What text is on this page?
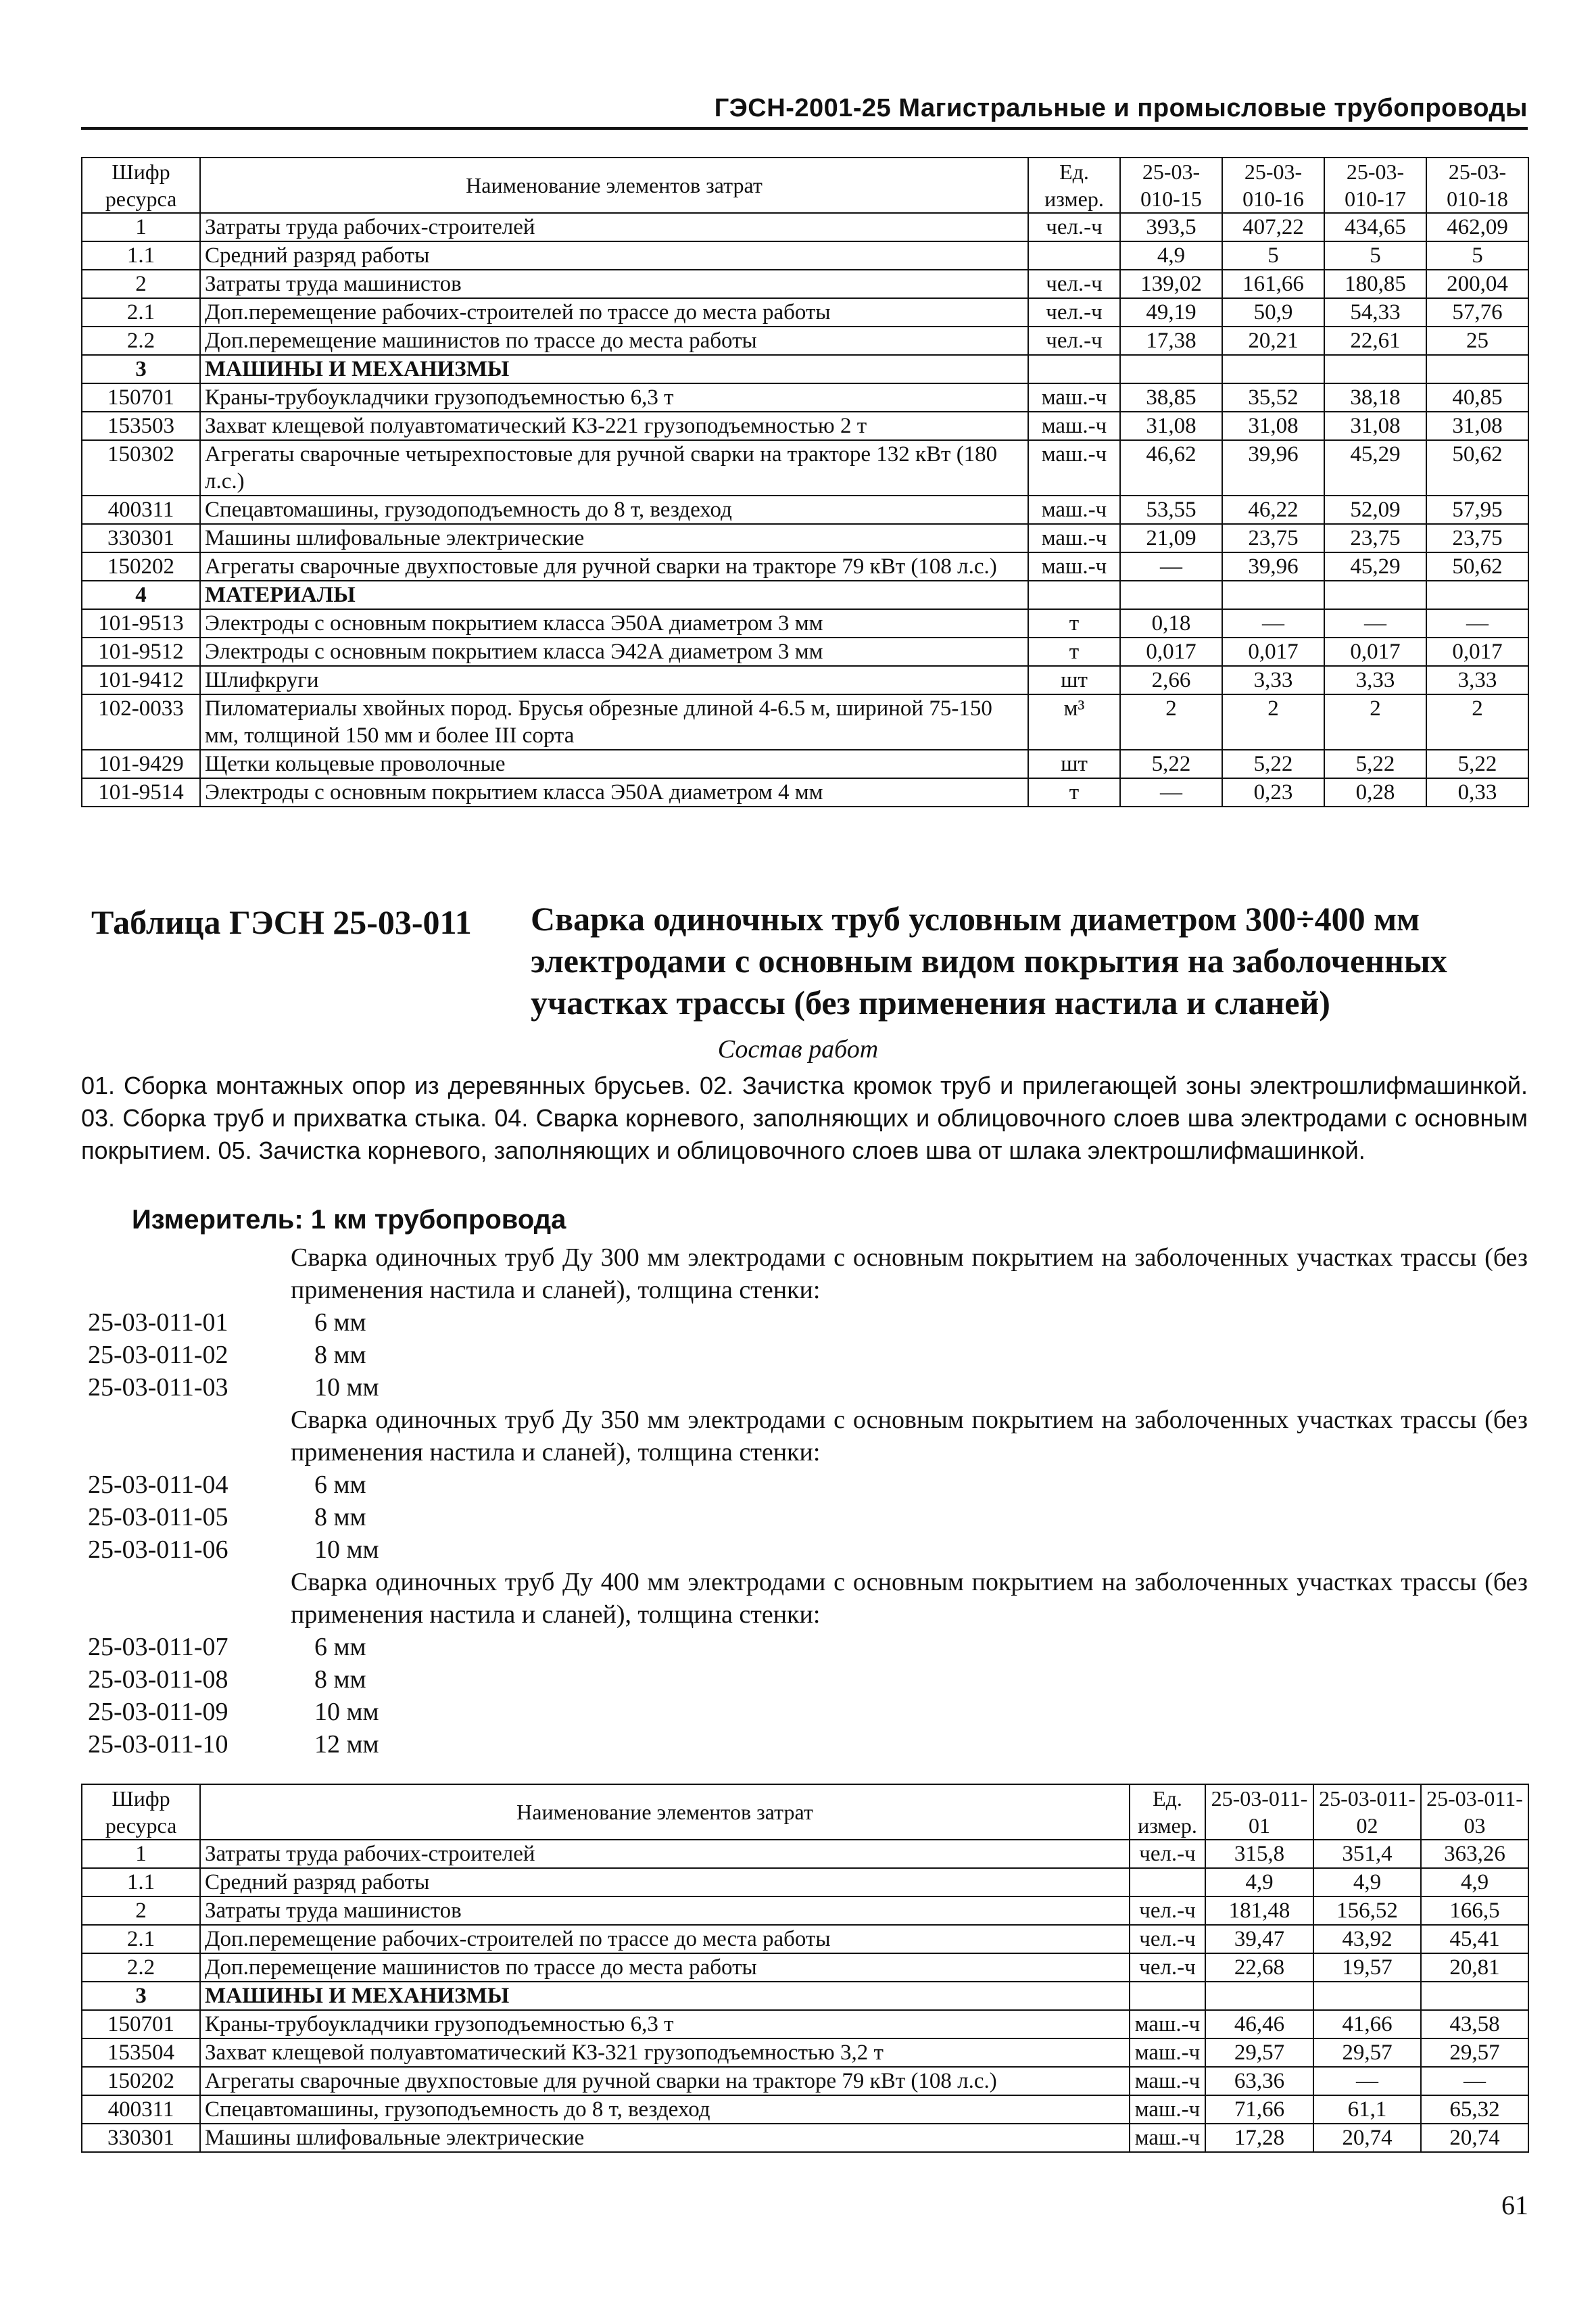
ГЭСН-2001-25 Магистральные и промысловые трубопроводы
Шифр ресурса	Наименование элементов затрат	Ед. измер.	25-03-010-15	25-03-010-16	25-03-010-17	25-03-010-18
1	Затраты труда рабочих-строителей	чел.-ч	393,5	407,22	434,65	462,09
1.1	Средний разряд работы		4,9	5	5	5
2	Затраты труда машинистов	чел.-ч	139,02	161,66	180,85	200,04
2.1	Доп.перемещение рабочих-строителей по трассе до места работы	чел.-ч	49,19	50,9	54,33	57,76
2.2	Доп.перемещение машинистов по трассе до места работы	чел.-ч	17,38	20,21	22,61	25
3	МАШИНЫ И МЕХАНИЗМЫ					
150701	Краны-трубоукладчики грузоподъемностью 6,3 т	маш.-ч	38,85	35,52	38,18	40,85
153503	Захват клещевой полуавтоматический КЗ-221 грузоподъемностью 2 т	маш.-ч	31,08	31,08	31,08	31,08
150302	Агрегаты сварочные четырехпостовые для ручной сварки на тракторе 132 кВт (180 л.с.)	маш.-ч	46,62	39,96	45,29	50,62
400311	Спецавтомашины, грузодоподъемность до 8 т, вездеход	маш.-ч	53,55	46,22	52,09	57,95
330301	Машины шлифовальные электрические	маш.-ч	21,09	23,75	23,75	23,75
150202	Агрегаты сварочные двухпостовые для ручной сварки на тракторе 79 кВт (108 л.с.)	маш.-ч	—	39,96	45,29	50,62
4	МАТЕРИАЛЫ					
101-9513	Электроды с основным покрытием класса Э50А диаметром 3 мм	т	0,18	—	—	—
101-9512	Электроды с основным покрытием класса Э42А диаметром 3 мм	т	0,017	0,017	0,017	0,017
101-9412	Шлифкруги	шт	2,66	3,33	3,33	3,33
102-0033	Пиломатериалы хвойных пород. Брусья обрезные длиной 4-6.5 м, шириной 75-150 мм, толщиной 150 мм и более III сорта	м³	2	2	2	2
101-9429	Щетки кольцевые проволочные	шт	5,22	5,22	5,22	5,22
101-9514	Электроды с основным покрытием класса Э50А диаметром 4 мм	т	—	0,23	0,28	0,33
Таблица ГЭСН 25-03-011 Сварка одиночных труб условным диаметром 300÷400 мм электродами с основным видом покрытия на заболоченных участках трассы (без применения настила и сланей)
Состав работ
01. Сборка монтажных опор из деревянных брусьев. 02. Зачистка кромок труб и прилегающей зоны электрошлифмашинкой. 03. Сборка труб и прихватка стыка. 04. Сварка корневого, заполняющих и облицовочного слоев шва электродами с основным покрытием. 05. Зачистка корневого, заполняющих и облицовочного слоев шва от шлака электрошлифмашинкой.
Измеритель: 1 км трубопровода
Сварка одиночных труб Ду 300 мм электродами с основным покрытием на заболоченных участках трассы (без применения настила и сланей), толщина стенки:
25-03-011-01	6 мм
25-03-011-02	8 мм
25-03-011-03	10 мм
Сварка одиночных труб Ду 350 мм электродами с основным покрытием на заболоченных участках трассы (без применения настила и сланей), толщина стенки:
25-03-011-04	6 мм
25-03-011-05	8 мм
25-03-011-06	10 мм
Сварка одиночных труб Ду 400 мм электродами с основным покрытием на заболоченных участках трассы (без применения настила и сланей), толщина стенки:
25-03-011-07	6 мм
25-03-011-08	8 мм
25-03-011-09	10 мм
25-03-011-10	12 мм
Шифр ресурса	Наименование элементов затрат	Ед. измер.	25-03-011-01	25-03-011-02	25-03-011-03
1	Затраты труда рабочих-строителей	чел.-ч	315,8	351,4	363,26
1.1	Средний разряд работы		4,9	4,9	4,9
2	Затраты труда машинистов	чел.-ч	181,48	156,52	166,5
2.1	Доп.перемещение рабочих-строителей по трассе до места работы	чел.-ч	39,47	43,92	45,41
2.2	Доп.перемещение машинистов по трассе до места работы	чел.-ч	22,68	19,57	20,81
3	МАШИНЫ И МЕХАНИЗМЫ				
150701	Краны-трубоукладчики грузоподъемностью 6,3 т	маш.-ч	46,46	41,66	43,58
153504	Захват клещевой полуавтоматический КЗ-321 грузоподъемностью 3,2 т	маш.-ч	29,57	29,57	29,57
150202	Агрегаты сварочные двухпостовые для ручной сварки на тракторе 79 кВт (108 л.с.)	маш.-ч	63,36	—	—
400311	Спецавтомашины, грузоподъемность до 8 т, вездеход	маш.-ч	71,66	61,1	65,32
330301	Машины шлифовальные электрические	маш.-ч	17,28	20,74	20,74
61
